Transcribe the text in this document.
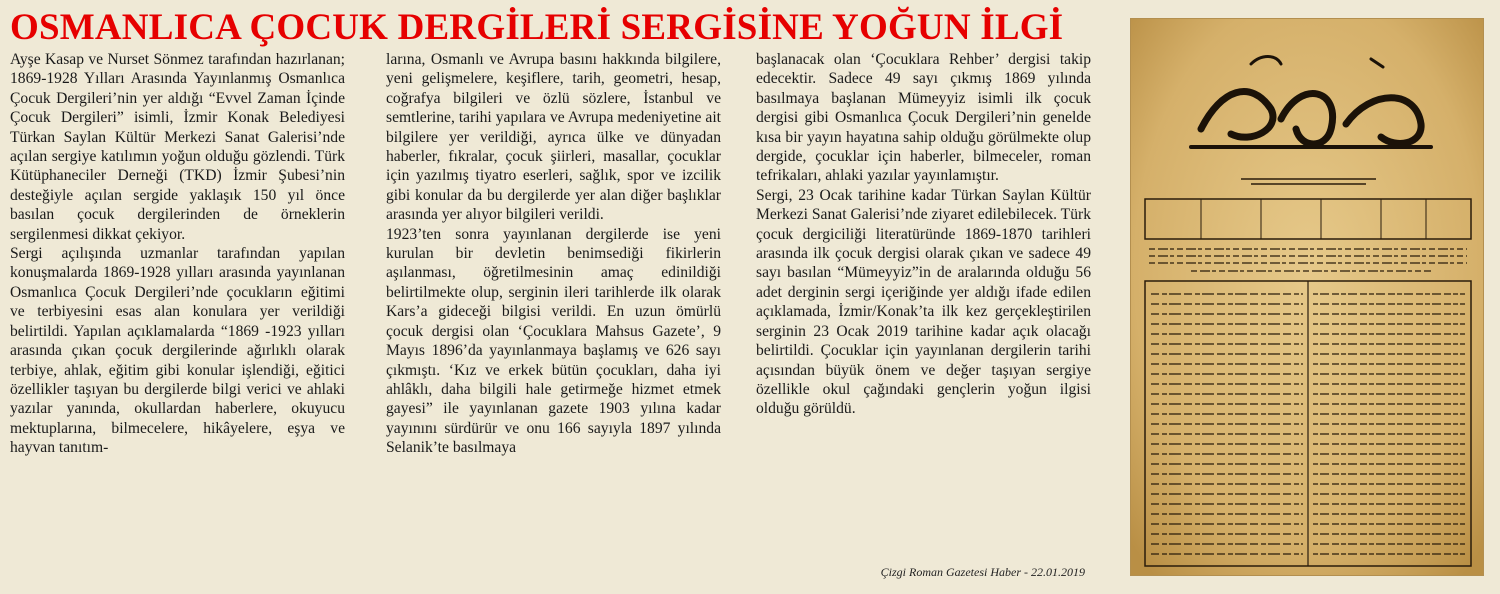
OSMANLICA ÇOCUK DERGİLERİ SERGİSİNE YOĞUN İLGİ

Ayşe Kasap ve Nurset Sönmez tarafından hazırlanan; 1869-1928 Yılları Arasında Yayınlanmış Osmanlıca Çocuk Dergileri’nin yer aldığı “Evvel Zaman İçinde Çocuk Dergileri” isimli, İzmir Konak Belediyesi Türkan Saylan Kültür Merkezi Sanat Galerisi’nde açılan sergiye katılımın yoğun olduğu gözlendi. Türk Kütüphaneciler Derneği (TKD) İzmir Şubesi’nin desteğiyle açılan sergide yaklaşık 150 yıl önce basılan çocuk dergilerinden de örneklerin sergilenmesi dikkat çekiyor.

Sergi açılışında uzmanlar tarafından yapılan konuşmalarda 1869-1928 yılları arasında yayınlanan Osmanlıca Çocuk Dergileri’nde çocukların eğitimi ve terbiyesini esas alan konulara yer verildiği belirtildi. Yapılan açıklamalarda “1869 -1923 yılları arasında çıkan çocuk dergilerinde ağırlıklı olarak terbiye, ahlak, eğitim gibi konular işlendiği, eğitici özellikler taşıyan bu dergilerde bilgi verici ve ahlaki yazılar yanında, okullardan haberlere, okuyucu mektuplarına, bilmecelere, hikâyelere, eşya ve hayvan tanıtım-

larına, Osmanlı ve Avrupa basını hakkında bilgilere, yeni gelişmelere, keşiflere, tarih, geometri, hesap, coğrafya bilgileri ve özlü sözlere, İstanbul ve semtlerine, tarihi yapılara ve Avrupa medeniyetine ait bilgilere yer verildiği, ayrıca ülke ve dünyadan haberler, fıkralar, çocuk şiirleri, masallar, çocuklar için yazılmış tiyatro eserleri, sağlık, spor ve izcilik gibi konular da bu dergilerde yer alan diğer başlıklar arasında yer alıyor bilgileri verildi.

1923’ten sonra yayınlanan dergilerde ise yeni kurulan bir devletin benimsediği fikirlerin aşılanması, öğretilmesinin amaç edinildiği belirtilmekte olup, serginin ileri tarihlerde ilk olarak Kars’a gideceği bilgisi verildi. En uzun ömürlü çocuk dergisi olan ‘Çocuklara Mahsus Gazete’, 9 Mayıs 1896’da yayınlanmaya başlamış ve 626 sayı çıkmıştı. ‘Kız ve erkek bütün çocukları, daha iyi ahlâklı, daha bilgili hale getirmeğe hizmet etmek gayesi” ile yayınlanan gazete 1903 yılına kadar yayınını sürdürür ve onu 166 sayıyla 1897 yılında Selanik’te basılmaya

başlanacak olan ‘Çocuklara Rehber’ dergisi takip edecektir. Sadece 49 sayı çıkmış 1869 yılında basılmaya başlanan Mümeyyiz isimli ilk çocuk dergisi gibi Osmanlıca Çocuk Dergileri’nin genelde kısa bir yayın hayatına sahip olduğu görülmekte olup dergide, çocuklar için haberler, bilmeceler, roman tefrikaları, ahlaki yazılar yayınlamıştır.

Sergi, 23 Ocak tarihine kadar Türkan Saylan Kültür Merkezi Sanat Galerisi’nde ziyaret edilebilecek. Türk çocuk dergiciliği literatüründe 1869-1870 tarihleri arasında ilk çocuk dergisi olarak çıkan ve sadece 49 sayı basılan “Mümeyyiz”in de aralarında olduğu 56 adet derginin sergi içeriğinde yer aldığı ifade edilen açıklamada, İzmir/Konak’ta ilk kez gerçekleştirilen serginin 23 Ocak 2019 tarihine kadar açık olacağı belirtildi. Çocuklar için yayınlanan dergilerin tarihi açısından büyük önem ve değer taşıyan sergiye özellikle okul çağındaki gençlerin yoğun ilgisi olduğu görüldü.

Çizgi Roman Gazetesi Haber - 22.01.2019
